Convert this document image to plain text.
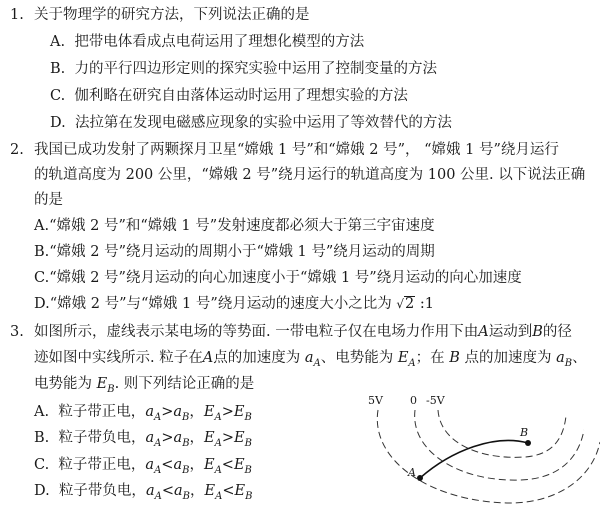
1. 关于物理学的研究方法，下列说法正确的是
A. 把带电体看成点电荷运用了理想化模型的方法
B. 力的平行四边形定则的探究实验中运用了控制变量的方法
C. 伽利略在研究自由落体运动时运用了理想实验的方法
D. 法拉第在发现电磁感应现象的实验中运用了等效替代的方法
2. 我国已成功发射了两颗探月卫星“嫦娥 1 号”和“嫦娥 2 号”， “嫦娥 1 号”绕月运行
的轨道高度为 200 公里，“嫦娥 2 号”绕月运行的轨道高度为 100 公里. 以下说法正确
的是
A.“嫦娥 2 号”和“嫦娥 1 号”发射速度都必须大于第三宇宙速度
B.“嫦娥 2 号”绕月运动的周期小于“嫦娥 1 号”绕月运动的周期
C.“嫦娥 2 号”绕月运动的向心加速度小于“嫦娥 1 号”绕月运动的向心加速度
D.“嫦娥 2 号”与“嫦娥 1 号”绕月运动的速度大小之比为 √2 :1
3. 如图所示，虚线表示某电场的等势面. 一带电粒子仅在电场力作用下由A运动到B的径
迹如图中实线所示. 粒子在A点的加速度为 $a_A$、电势能为 $E_A$；在 B 点的加速度为 $a_B$、
电势能为 $E_B$. 则下列结论正确的是
A. 粒子带正电，$a_A>a_B$，$E_A>E_B$
B. 粒子带负电，$a_A>a_B$，$E_A>E_B$
C. 粒子带正电，$a_A<a_B$，$E_A<E_B$
D. 粒子带负电，$a_A<a_B$，$E_A<E_B$
5V 0 -5V
A
B
